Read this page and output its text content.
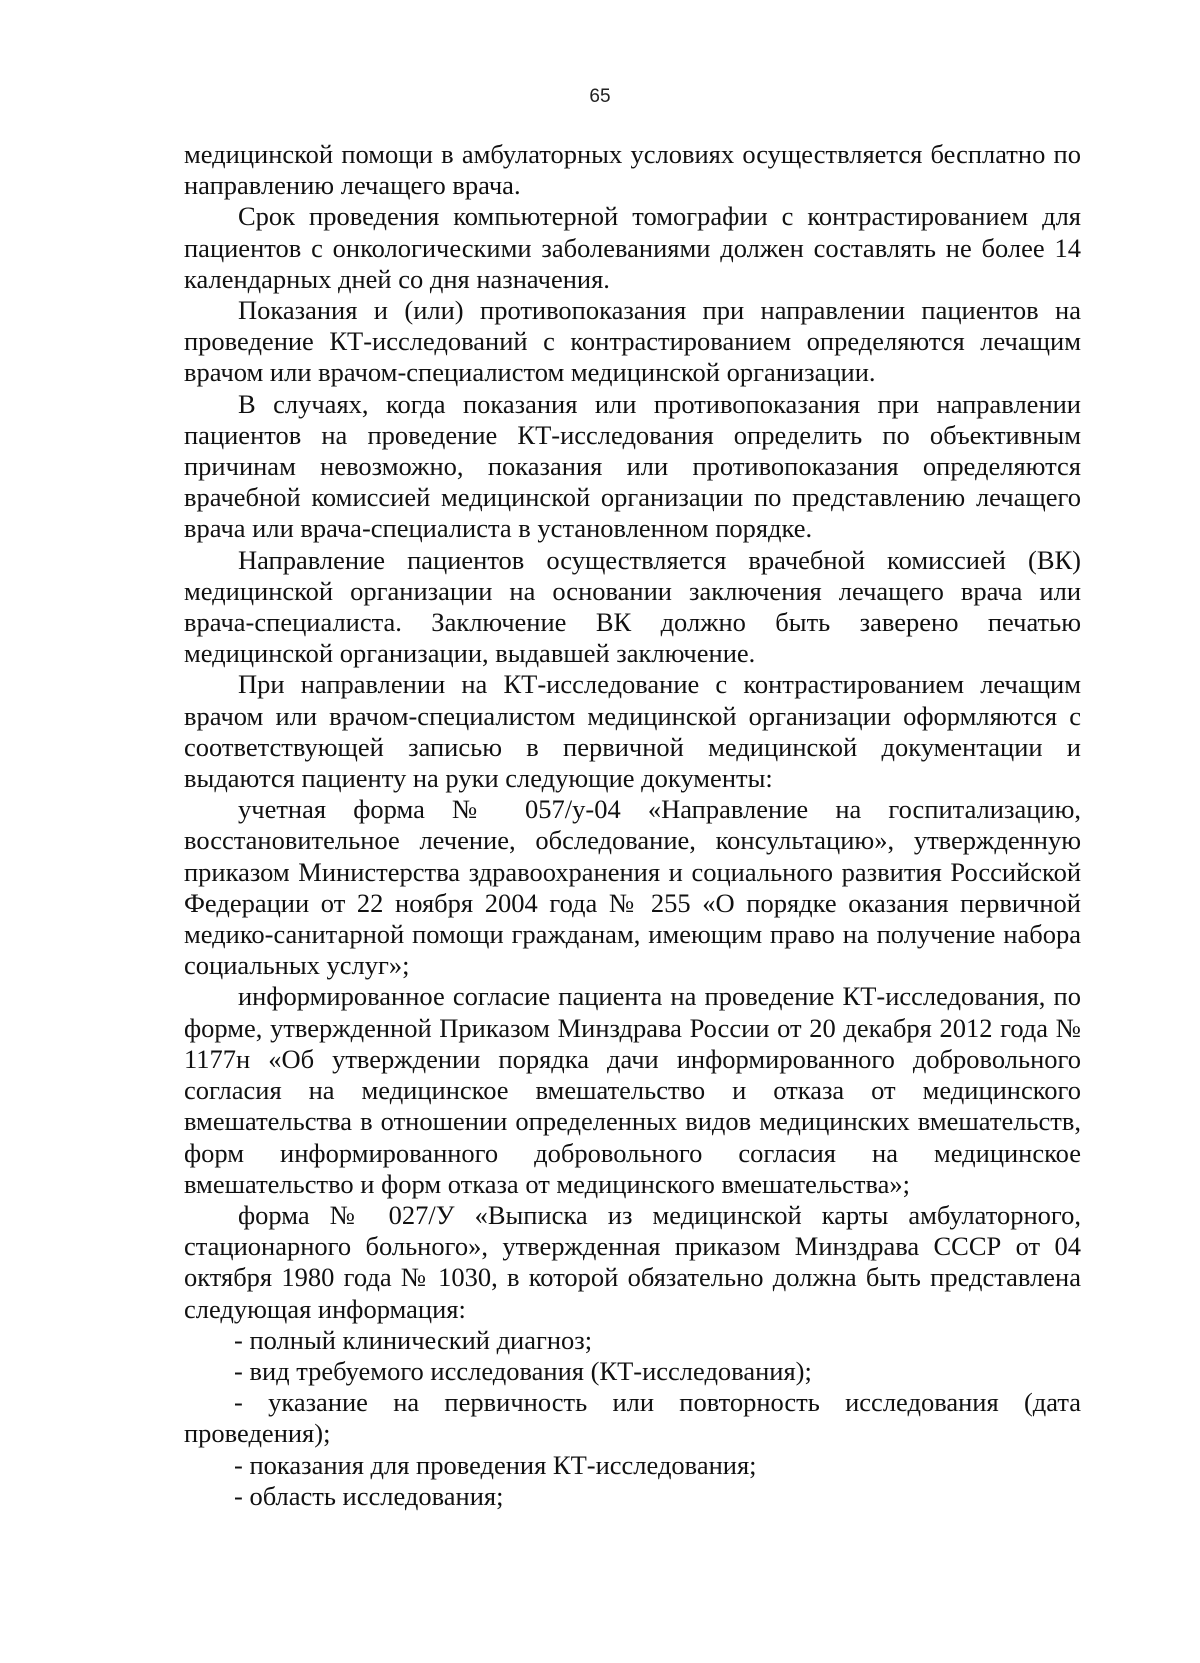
65

медицинской помощи в амбулаторных условиях осуществляется бесплатно по направлению лечащего врача.

Срок проведения компьютерной томографии с контрастированием для пациентов с онкологическими заболеваниями должен составлять не более 14 календарных дней со дня назначения.

Показания и (или) противопоказания при направлении пациентов на проведение КТ-исследований с контрастированием определяются лечащим врачом или врачом-специалистом медицинской организации.

В случаях, когда показания или противопоказания при направлении пациентов на проведение КТ-исследования определить по объективным причинам невозможно, показания или противопоказания определяются врачебной комиссией медицинской организации по представлению лечащего врача или врача-специалиста в установленном порядке.

Направление пациентов осуществляется врачебной комиссией (ВК) медицинской организации на основании заключения лечащего врача или врача-специалиста. Заключение ВК должно быть заверено печатью медицинской организации, выдавшей заключение.

При направлении на КТ-исследование с контрастированием лечащим врачом или врачом-специалистом медицинской организации оформляются с соответствующей записью в первичной медицинской документации и выдаются пациенту на руки следующие документы:

учетная форма № 057/у-04 «Направление на госпитализацию, восстановительное лечение, обследование, консультацию», утвержденную приказом Министерства здравоохранения и социального развития Российской Федерации от 22 ноября 2004 года № 255 «О порядке оказания первичной медико-санитарной помощи гражданам, имеющим право на получение набора социальных услуг»;

информированное согласие пациента на проведение КТ-исследования, по форме, утвержденной Приказом Минздрава России от 20 декабря 2012 года № 1177н «Об утверждении порядка дачи информированного добровольного согласия на медицинское вмешательство и отказа от медицинского вмешательства в отношении определенных видов медицинских вмешательств, форм информированного добровольного согласия на медицинское вмешательство и форм отказа от медицинского вмешательства»;

форма № 027/У «Выписка из медицинской карты амбулаторного, стационарного больного», утвержденная приказом Минздрава СССР от 04 октября 1980 года № 1030, в которой обязательно должна быть представлена следующая информация:

- полный клинический диагноз;

- вид требуемого исследования (КТ-исследования);

- указание на первичность или повторность исследования (дата проведения);

- показания для проведения КТ-исследования;

- область исследования;
